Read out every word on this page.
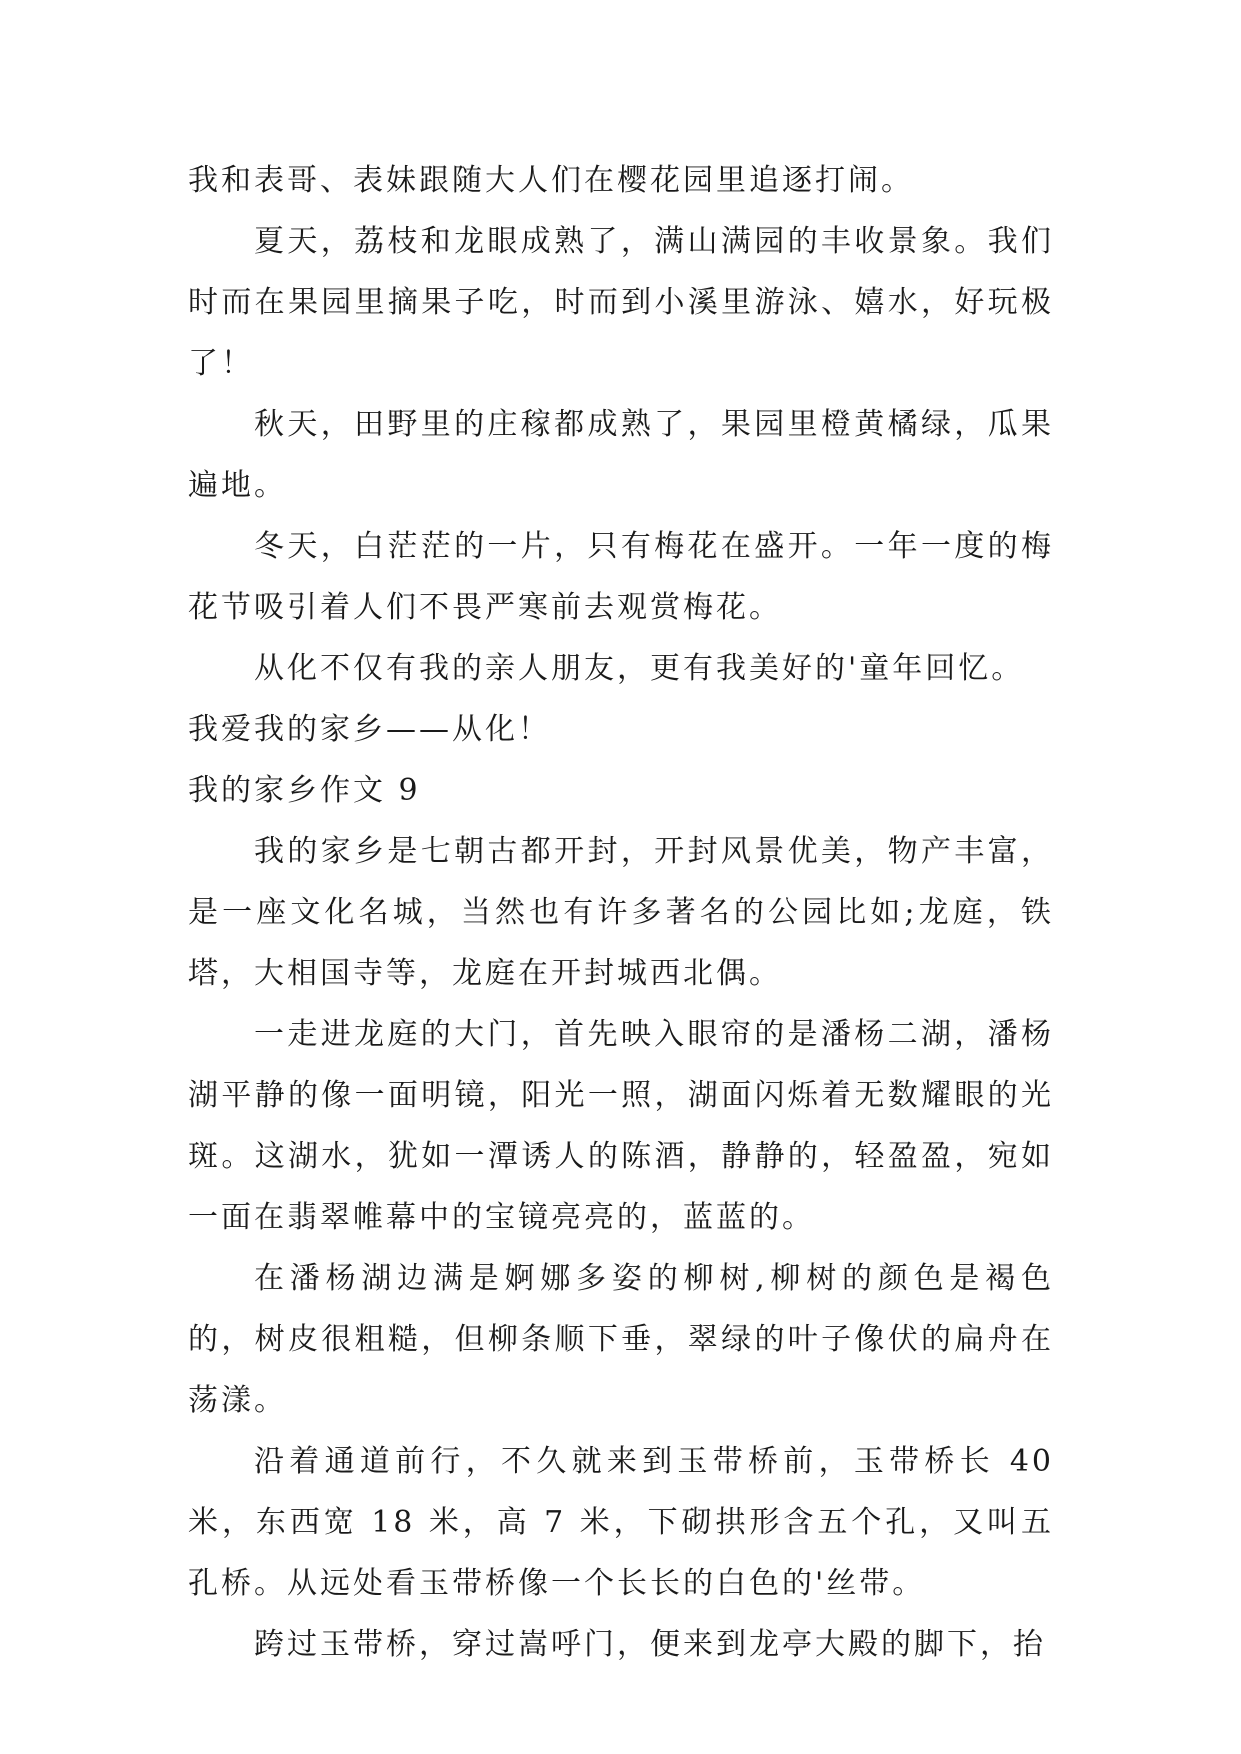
我和表哥、表妹跟随大人们在樱花园里追逐打闹。

夏天，荔枝和龙眼成熟了，满山满园的丰收景象。我们时而在果园里摘果子吃，时而到小溪里游泳、嬉水，好玩极了！

秋天，田野里的庄稼都成熟了，果园里橙黄橘绿，瓜果遍地。

冬天，白茫茫的一片，只有梅花在盛开。一年一度的梅花节吸引着人们不畏严寒前去观赏梅花。

从化不仅有我的亲人朋友，更有我美好的'童年回忆。

我爱我的家乡——从化！

我的家乡作文 9

我的家乡是七朝古都开封，开封风景优美，物产丰富，是一座文化名城，当然也有许多著名的公园比如;龙庭，铁塔，大相国寺等，龙庭在开封城西北偶。

一走进龙庭的大门，首先映入眼帘的是潘杨二湖，潘杨湖平静的像一面明镜，阳光一照，湖面闪烁着无数耀眼的光斑。这湖水，犹如一潭诱人的陈酒，静静的，轻盈盈，宛如一面在翡翠帷幕中的宝镜亮亮的，蓝蓝的。

在潘杨湖边满是婀娜多姿的柳树,柳树的颜色是褐色的，树皮很粗糙，但柳条顺下垂，翠绿的叶子像伏的扁舟在荡漾。

沿着通道前行，不久就来到玉带桥前，玉带桥长 40 米，东西宽 18 米，高 7 米，下砌拱形含五个孔，又叫五孔桥。从远处看玉带桥像一个长长的白色的'丝带。

跨过玉带桥，穿过嵩呼门，便来到龙亭大殿的脚下，抬
